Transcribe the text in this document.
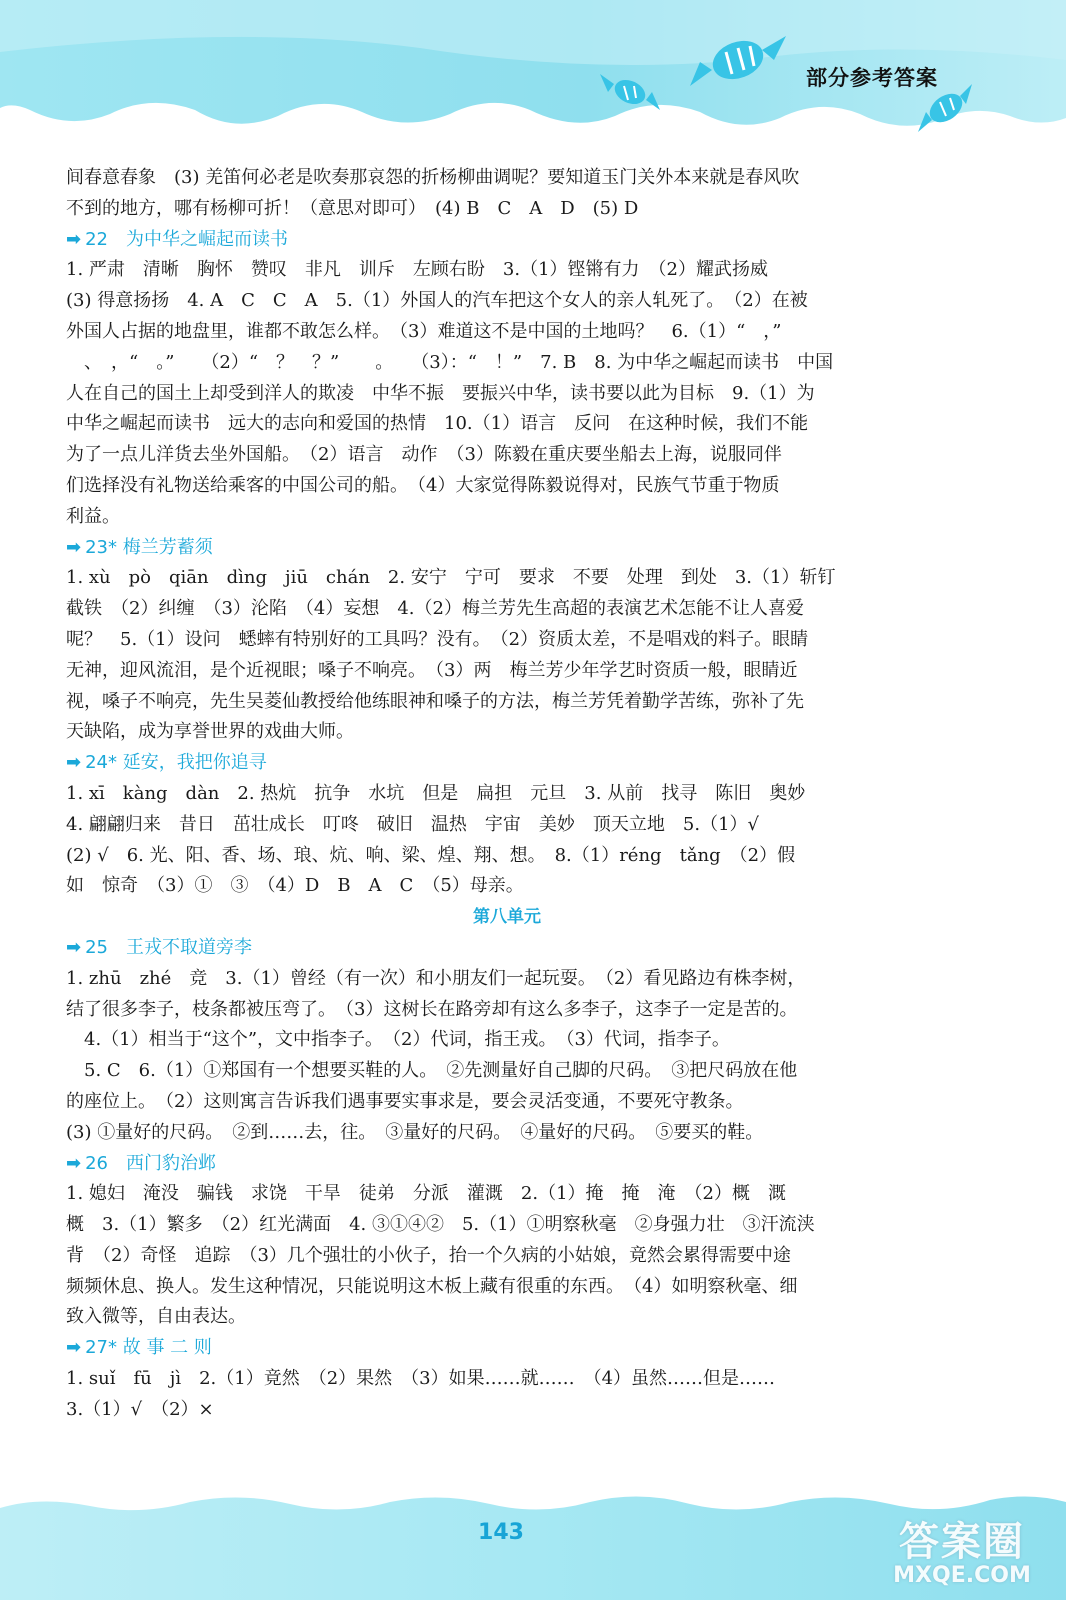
部分参考答案
间春意春象　(3) 羌笛何必老是吹奏那哀怨的折杨柳曲调呢？要知道玉门关外本来就是春风吹
不到的地方，哪有杨柳可折！（意思对即可）　(4) B　C　A　D　(5) D
➡ 22　为中华之崛起而读书
1. 严肃　清晰　胸怀　赞叹　非凡　训斥　左顾右盼　3.（1）铿锵有力　（2）耀武扬威
(3) 得意扬扬　4. A　C　C　A　5.（1）外国人的汽车把这个女人的亲人轧死了。　（2）在被
外国人占据的地盘里，谁都不敢怎么样。　（3）难道这不是中国的土地吗？　6.（1）“　，”
　、　，“　。”　　（2）“　？　？”　　。　　（3）：“　！”　7. B　8. 为中华之崛起而读书　中国
人在自己的国土上却受到洋人的欺凌　中华不振　要振兴中华，读书要以此为目标　9.（1）为
中华之崛起而读书　远大的志向和爱国的热情　10.（1）语言　反问　在这种时候，我们不能
为了一点儿洋货去坐外国船。　（2）语言　动作　（3）陈毅在重庆要坐船去上海，说服同伴
们选择没有礼物送给乘客的中国公司的船。　（4）大家觉得陈毅说得对，民族气节重于物质
利益。
➡ 23* 梅兰芳蓄须
1. xù　pò　qiān　dìng　jiū　chán　2. 安宁　宁可　要求　不要　处理　到处　3.（1）斩钉
截铁　（2）纠缠　（3）沦陷　（4）妄想　4.（2）梅兰芳先生高超的表演艺术怎能不让人喜爱
呢？　5.（1）设问　蟋蟀有特别好的工具吗？没有。　（2）资质太差，不是唱戏的料子。眼睛
无神，迎风流泪，是个近视眼；嗓子不响亮。　（3）两　梅兰芳少年学艺时资质一般，眼睛近
视，嗓子不响亮，先生吴菱仙教授给他练眼神和嗓子的方法，梅兰芳凭着勤学苦练，弥补了先
天缺陷，成为享誉世界的戏曲大师。
➡ 24* 延安，我把你追寻
1. xī　kàng　dàn　2. 热炕　抗争　水坑　但是　扁担　元旦　3. 从前　找寻　陈旧　奥妙
4. 翩翩归来　昔日　茁壮成长　叮咚　破旧　温热　宇宙　美妙　顶天立地　5.（1）√
(2) √　6. 光、阳、香、场、琅、炕、响、梁、煌、翔、想。　8.（1）réng　tǎng　（2）假
如　惊奇　（3）①　③　（4）D　B　A　C　（5）母亲。
第八单元
➡ 25　王戎不取道旁李
1. zhū　zhé　竞　3.（1）曾经（有一次）和小朋友们一起玩耍。　（2）看见路边有株李树，
结了很多李子，枝条都被压弯了。　（3）这树长在路旁却有这么多李子，这李子一定是苦的。
　4.（1）相当于“这个”，文中指李子。　（2）代词，指王戎。　（3）代词，指李子。
　5. C　6.（1）①郑国有一个想要买鞋的人。　②先测量好自己脚的尺码。　③把尺码放在他
的座位上。　（2）这则寓言告诉我们遇事要实事求是，要会灵活变通，不要死守教条。
(3) ①量好的尺码。　②到……去，往。　③量好的尺码。　④量好的尺码。　⑤要买的鞋。
➡ 26　西门豹治邺
1. 媳妇　淹没　骗钱　求饶　干旱　徒弟　分派　灌溉　2.（1）掩　掩　淹　（2）概　溉
概　3.（1）繁多　（2）红光满面　4. ③①④②　5.（1）①明察秋毫　②身强力壮　③汗流浃
背　（2）奇怪　追踪　（3）几个强壮的小伙子，抬一个久病的小姑娘，竟然会累得需要中途
频频休息、换人。发生这种情况，只能说明这木板上藏有很重的东西。　（4）如明察秋毫、细
致入微等，自由表达。
➡ 27* 故 事 二 则
1. suǐ　fū　jì　2.（1）竟然　（2）果然　（3）如果……就……　（4）虽然……但是……
3.（1）√　（2）×
143	答案圈
MXQE.COM
